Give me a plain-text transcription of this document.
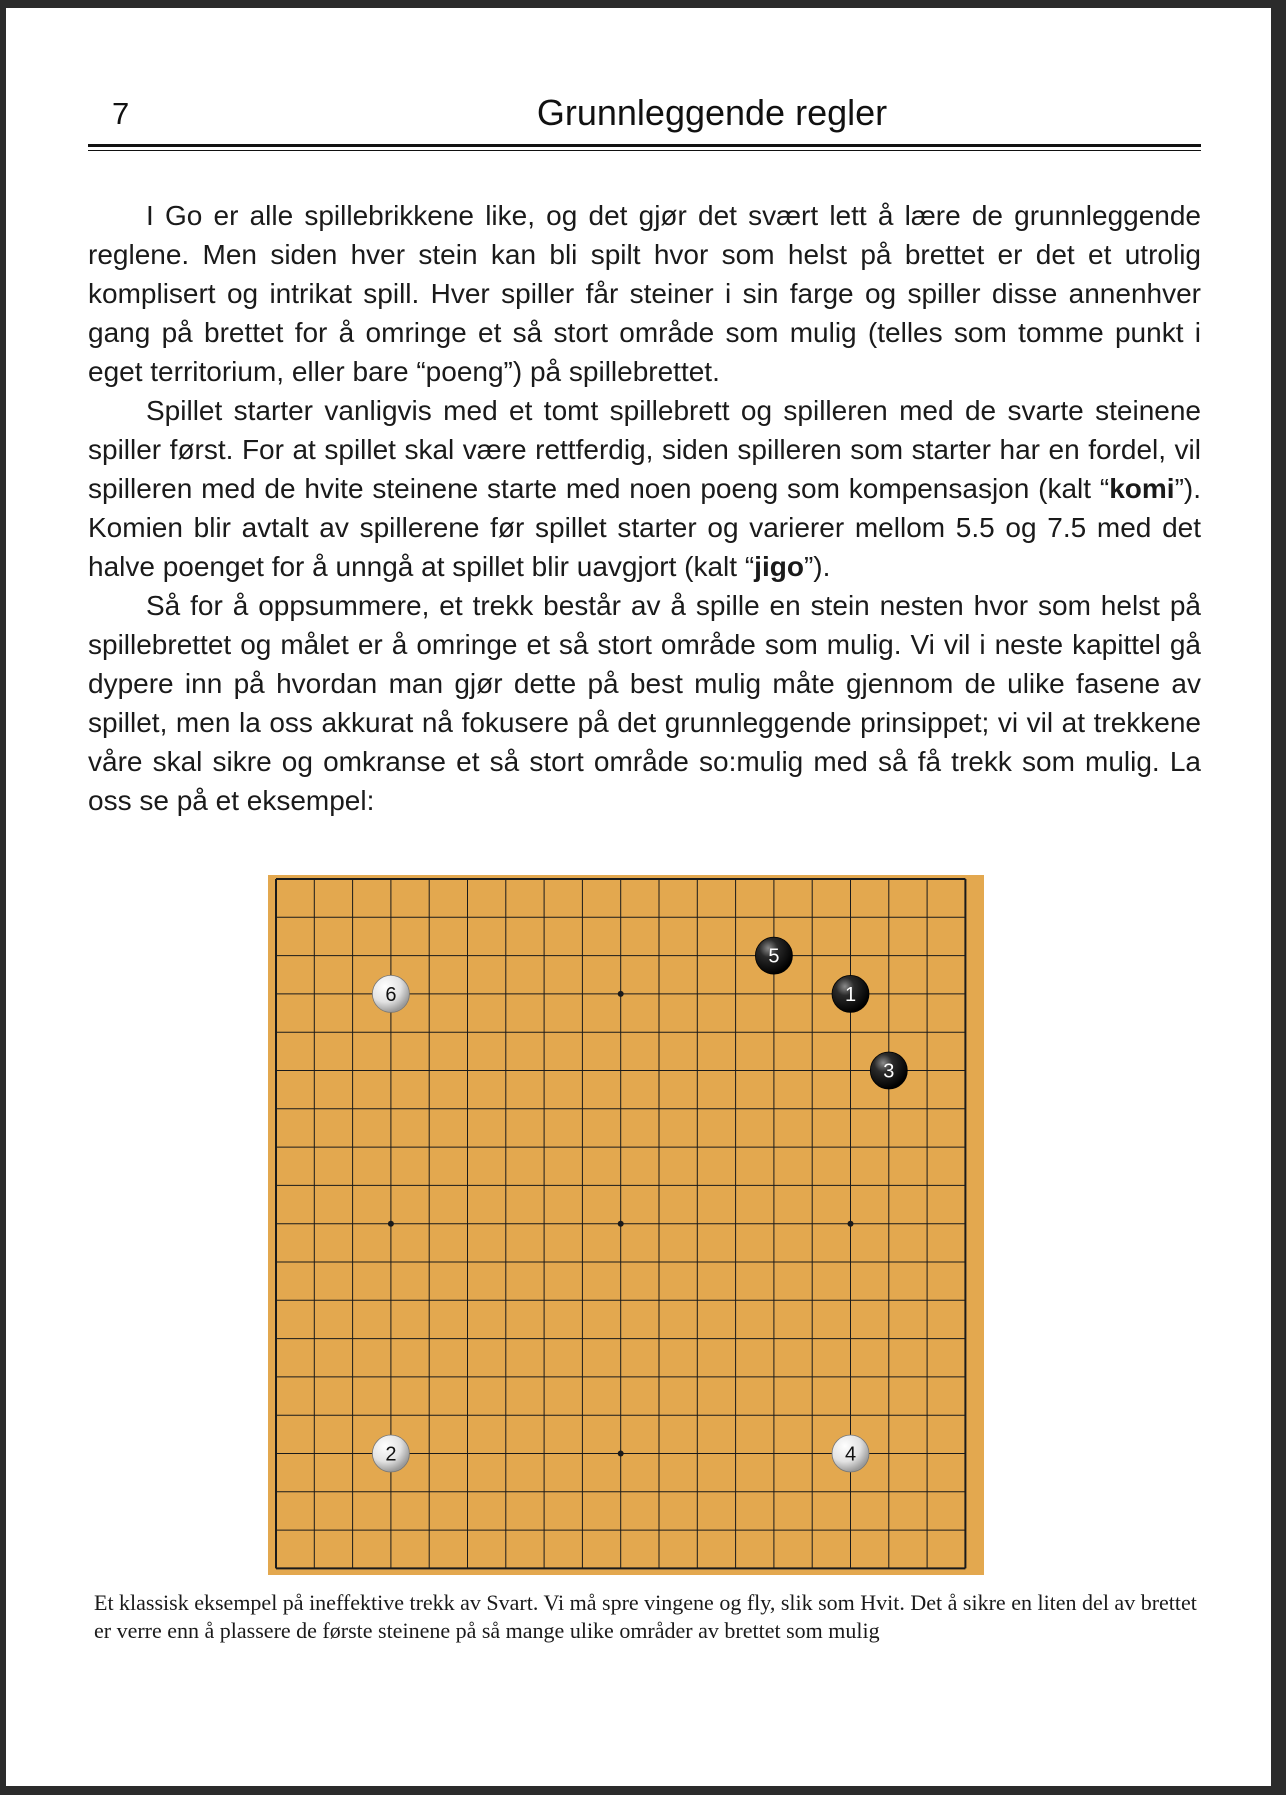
7	Grunnleggende regler

I Go er alle spillebrikkene like, og det gjør det svært lett å lære de grunnleggende reglene. Men siden hver stein kan bli spilt hvor som helst på brettet er det et utrolig komplisert og intrikat spill. Hver spiller får steiner i sin farge og spiller disse annenhver gang på brettet for å omringe et så stort område som mulig (telles som tomme punkt i eget territorium, eller bare “poeng”) på spillebrettet.

Spillet starter vanligvis med et tomt spillebrett og spilleren med de svarte steinene spiller først. For at spillet skal være rettferdig, siden spilleren som starter har en fordel, vil spilleren med de hvite steinene starte med noen poeng som kompensasjon (kalt “komi”). Komien blir avtalt av spillerene før spillet starter og varierer mellom 5.5 og 7.5 med det halve poenget for å unngå at spillet blir uavgjort (kalt “jigo”).

Så for å oppsummere, et trekk består av å spille en stein nesten hvor som helst på spillebrettet og målet er å omringe et så stort område som mulig. Vi vil i neste kapittel gå dypere inn på hvordan man gjør dette på best mulig måte gjennom de ulike fasene av spillet, men la oss akkurat nå fokusere på det grunnleggende prinsippet; vi vil at trekkene våre skal sikre og omkranse et så stort område so:mulig med så få trekk som mulig. La oss se på et eksempel:

1
2
3
4
5
6
Et klassisk eksempel på ineffektive trekk av Svart. Vi må spre vingene og fly, slik som Hvit. Det å sikre en liten del av brettet er verre enn å plassere de første steinene på så mange ulike områder av brettet som mulig
